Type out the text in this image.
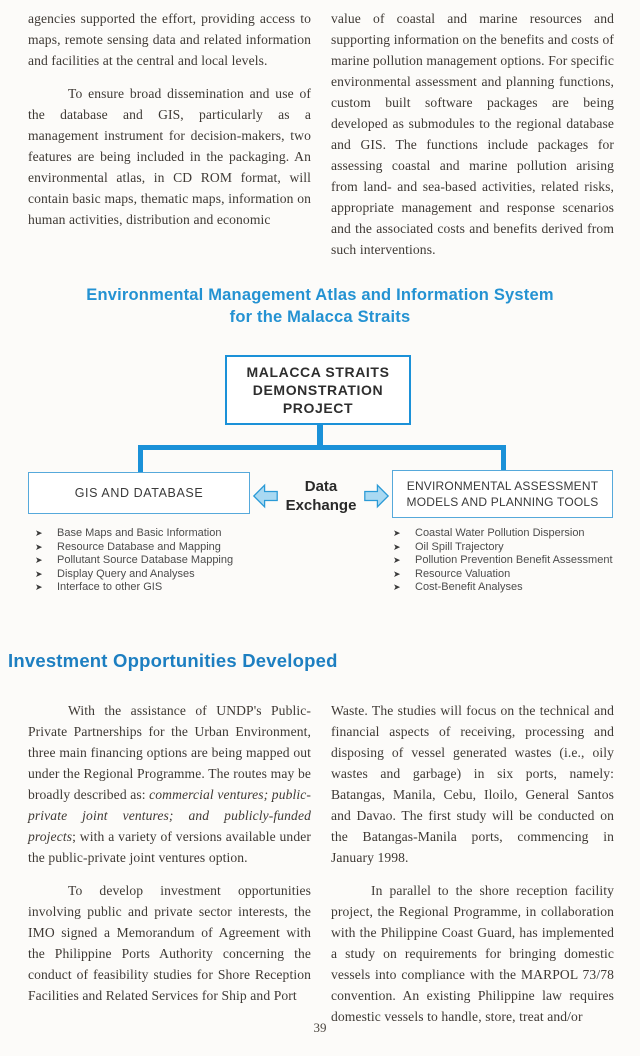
agencies supported the effort, providing access to maps, remote sensing data and related information and facilities at the central and local levels.

To ensure broad dissemination and use of the database and GIS, particularly as a management instrument for decision-makers, two features are being included in the packaging. An environmental atlas, in CD ROM format, will contain basic maps, thematic maps, information on human activities, distribution and economic

value of coastal and marine resources and supporting information on the benefits and costs of marine pollution management options. For specific environmental assessment and planning functions, custom built software packages are being developed as submodules to the regional database and GIS. The functions include packages for assessing coastal and marine pollution arising from land- and sea-based activities, related risks, appropriate management and response scenarios and the associated costs and benefits derived from such interventions.

Environmental Management Atlas and Information System
for the Malacca Straits
MALACCA STRAITS
DEMONSTRATION
PROJECT
GIS AND DATABASE	Data
Exchange
ENVIRONMENTAL ASSESSMENT
MODELS AND PLANNING TOOLS
➤	Base Maps and Basic Information
➤	Resource Database and Mapping
➤	Pollutant Source Database Mapping
➤	Display Query and Analyses
➤	Interface to other GIS
➤	Coastal Water Pollution Dispersion
➤	Oil Spill Trajectory
➤	Pollution Prevention Benefit Assessment
➤	Resource Valuation
➤	Cost-Benefit Analyses
Investment Opportunities Developed

With the assistance of UNDP's Public-Private Partnerships for the Urban Environment, three main financing options are being mapped out under the Regional Programme. The routes may be broadly described as: commercial ventures; public-private joint ventures; and publicly-funded projects; with a variety of versions available under the public-private joint ventures option.

To develop investment opportunities involving public and private sector interests, the IMO signed a Memorandum of Agreement with the Philippine Ports Authority concerning the conduct of feasibility studies for Shore Reception Facilities and Related Services for Ship and Port

Waste. The studies will focus on the technical and financial aspects of receiving, processing and disposing of vessel generated wastes (i.e., oily wastes and garbage) in six ports, namely: Batangas, Manila, Cebu, Iloilo, General Santos and Davao. The first study will be conducted on the Batangas-Manila ports, commencing in January 1998.

In parallel to the shore reception facility project, the Regional Programme, in collaboration with the Philippine Coast Guard, has implemented a study on requirements for bringing domestic vessels into compliance with the MARPOL 73/78 convention. An existing Philippine law requires domestic vessels to handle, store, treat and/or

39
